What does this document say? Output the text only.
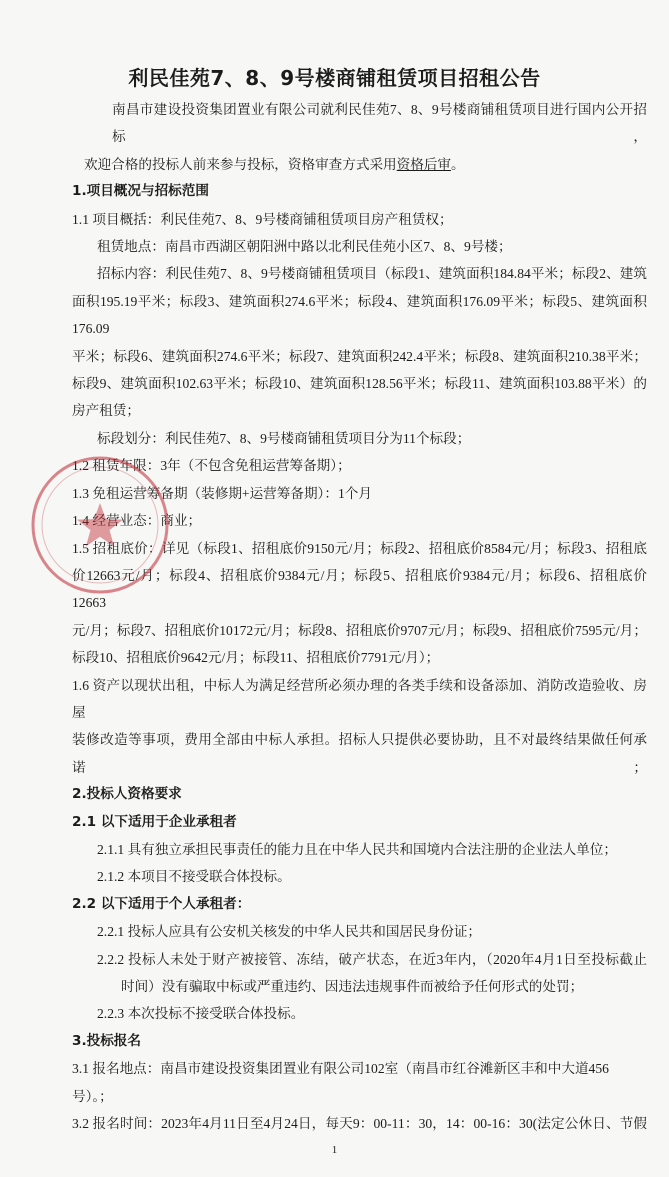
利民佳苑7、8、9号楼商铺租赁项目招租公告
南昌市建设投资集团置业有限公司就利民佳苑7、8、9号楼商铺租赁项目进行国内公开招标，
欢迎合格的投标人前来参与投标，资格审查方式采用资格后审。
1.项目概况与招标范围
1.1 项目概括：利民佳苑7、8、9号楼商铺租赁项目房产租赁权；
租赁地点：南昌市西湖区朝阳洲中路以北利民佳苑小区7、8、9号楼；
招标内容：利民佳苑7、8、9号楼商铺租赁项目（标段1、建筑面积184.84平米；标段2、建筑
面积195.19平米；标段3、建筑面积274.6平米；标段4、建筑面积176.09平米；标段5、建筑面积176.09
平米；标段6、建筑面积274.6平米；标段7、建筑面积242.4平米；标段8、建筑面积210.38平米；
标段9、建筑面积102.63平米；标段10、建筑面积128.56平米；标段11、建筑面积103.88平米）的
房产租赁；
标段划分：利民佳苑7、8、9号楼商铺租赁项目分为11个标段；
1.2 租赁年限：3年（不包含免租运营筹备期）；
1.3 免租运营筹备期（装修期+运营筹备期）：1个月
1.4 经营业态：商业；
1.5 招租底价：详见（标段1、招租底价9150元/月；标段2、招租底价8584元/月；标段3、招租底
价12663元/月；标段4、招租底价9384元/月；标段5、招租底价9384元/月；标段6、招租底价12663
元/月；标段7、招租底价10172元/月；标段8、招租底价9707元/月；标段9、招租底价7595元/月；
标段10、招租底价9642元/月；标段11、招租底价7791元/月）；
1.6 资产以现状出租，中标人为满足经营所必须办理的各类手续和设备添加、消防改造验收、房屋
装修改造等事项，费用全部由中标人承担。招标人只提供必要协助，且不对最终结果做任何承诺；
2.投标人资格要求
2.1 以下适用于企业承租者
2.1.1 具有独立承担民事责任的能力且在中华人民共和国境内合法注册的企业法人单位；
2.1.2 本项目不接受联合体投标。
2.2 以下适用于个人承租者：
2.2.1 投标人应具有公安机关核发的中华人民共和国居民身份证；
2.2.2 投标人未处于财产被接管、冻结，破产状态，在近3年内，（2020年4月1日至投标截止
时间）没有骗取中标或严重违约、因违法违规事件而被给予任何形式的处罚；
2.2.3 本次投标不接受联合体投标。
3.投标报名
3.1 报名地点：南昌市建设投资集团置业有限公司102室（南昌市红谷滩新区丰和中大道456号）。；
3.2 报名时间：2023年4月11日至4月24日，每天9：00-11：30，14：00-16：30(法定公休日、节假
1
